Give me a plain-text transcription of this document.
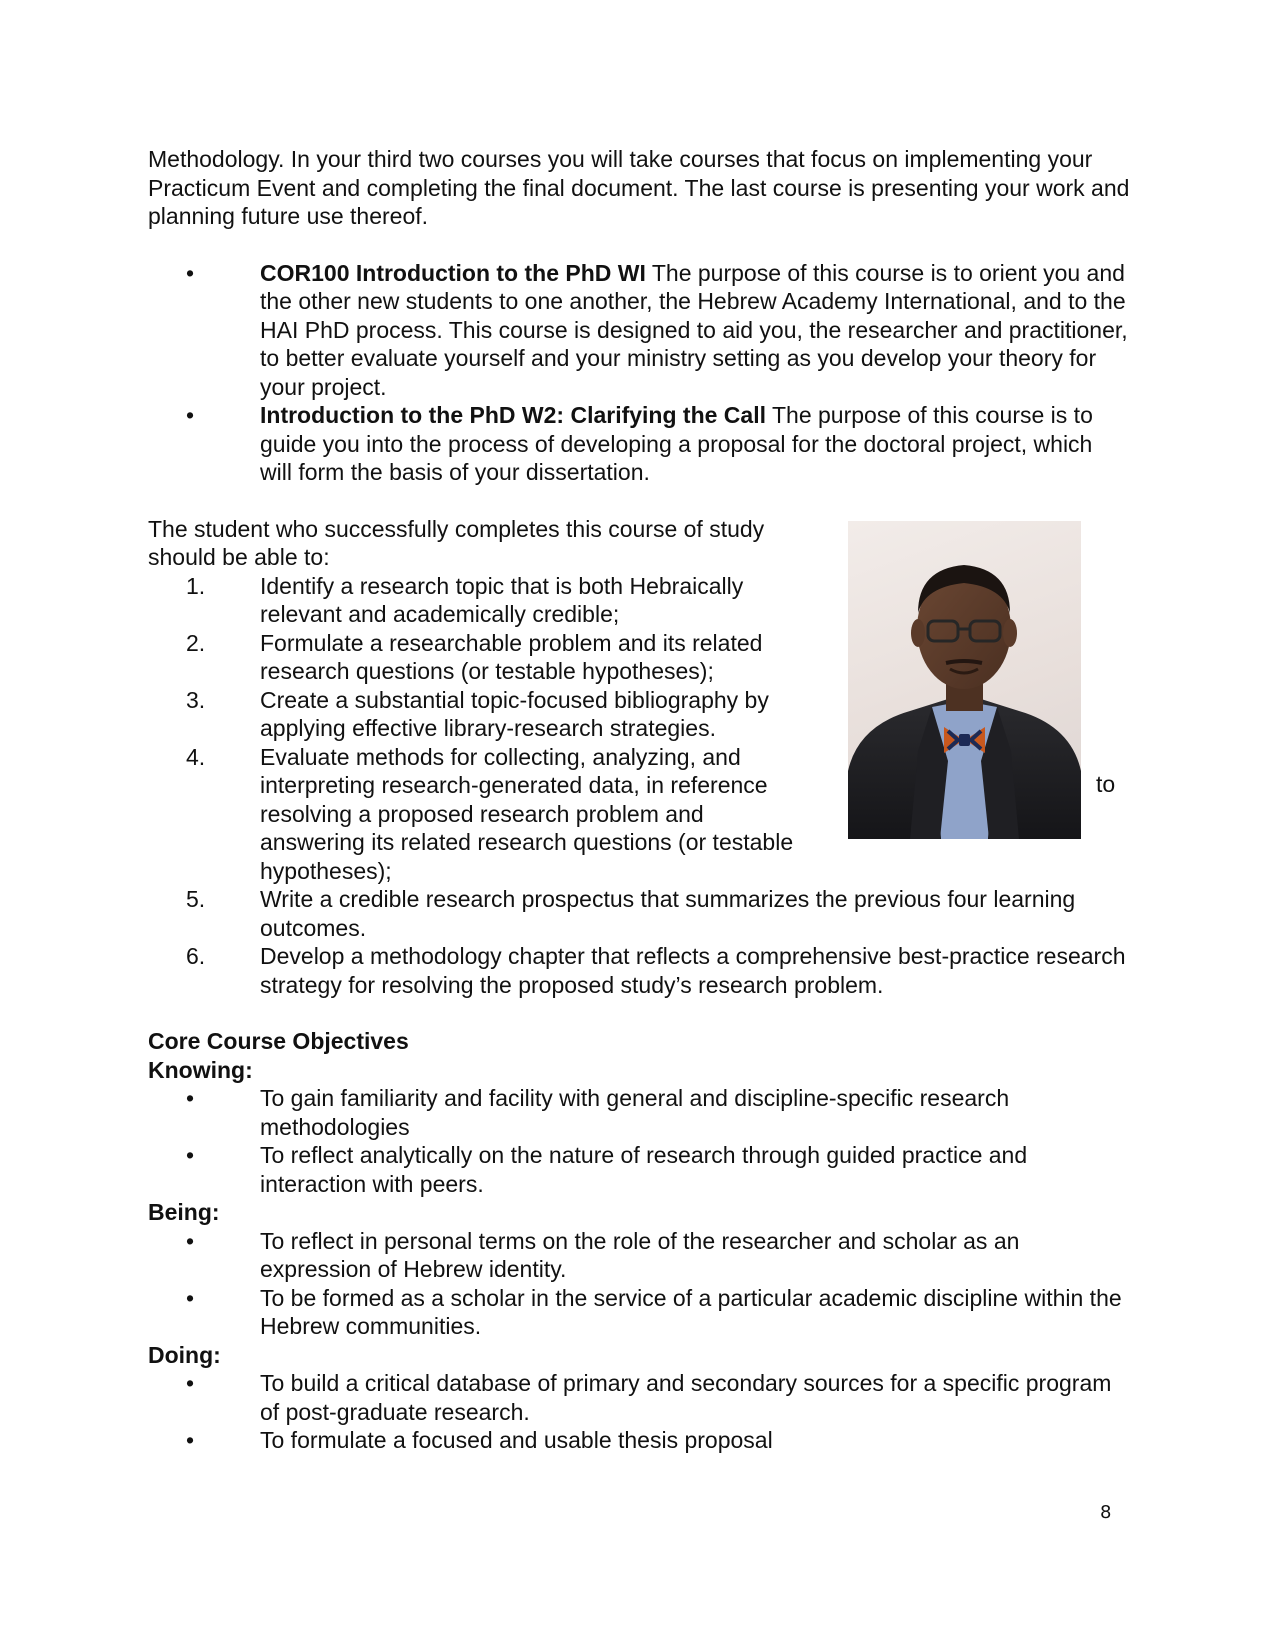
Methodology. In your third two courses you will take courses that focus on implementing your Practicum Event and completing the final document. The last course is presenting your work and planning future use thereof.

•	COR100 Introduction to the PhD WI The purpose of this course is to orient you and the other new students to one another, the Hebrew Academy International, and to the HAI PhD process. This course is designed to aid you, the researcher and practitioner, to better evaluate yourself and your ministry setting as you develop your theory for your project.
•	Introduction to the PhD W2: Clarifying the Call The purpose of this course is to guide you into the process of developing a proposal for the doctoral project, which will form the basis of your dissertation.

The student who successfully completes this course of study should be able to:

1. Identify a research topic that is both Hebraically relevant and academically credible;
2. Formulate a researchable problem and its related research questions (or testable hypotheses);
3. Create a substantial topic-focused bibliography by applying effective library-research strategies.
4. Evaluate methods for collecting, analyzing, and interpreting research-generated data, in reference resolving a proposed research problem and answering its related research questions (or testable hypotheses);
5. Write a credible research prospectus that summarizes the previous four learning outcomes.
6. Develop a methodology chapter that reflects a comprehensive best-practice research strategy for resolving the proposed study’s research problem.
to
Core Course Objectives
Knowing:
•	To gain familiarity and facility with general and discipline-specific research methodologies
•	To reflect analytically on the nature of research through guided practice and interaction with peers.
Being:
•	To reflect in personal terms on the role of the researcher and scholar as an expression of Hebrew identity.
•	To be formed as a scholar in the service of a particular academic discipline within the Hebrew communities.
Doing:
•	To build a critical database of primary and secondary sources for a specific program of post-graduate research.
•	To formulate a focused and usable thesis proposal
8
